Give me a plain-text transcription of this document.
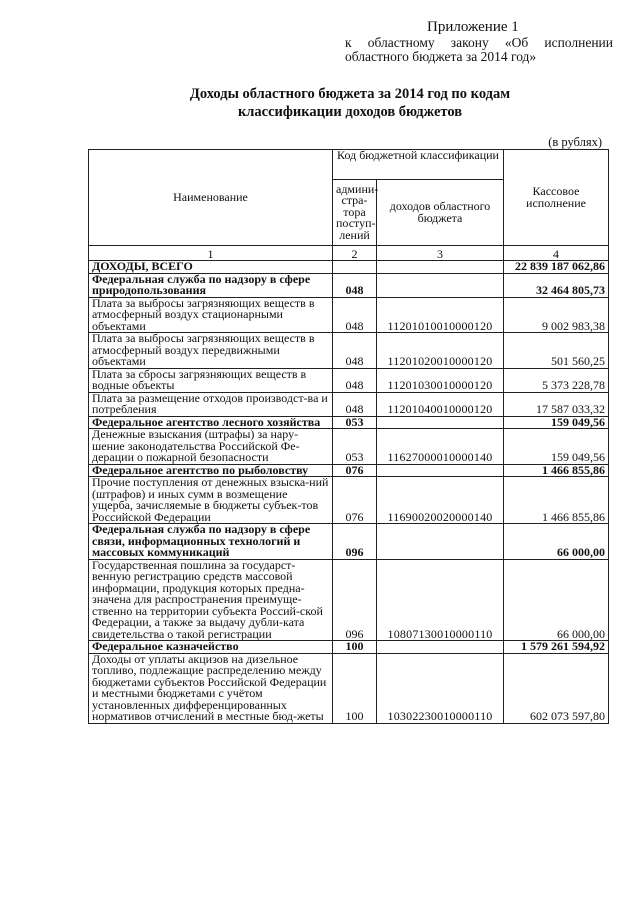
Приложение 1
к областному закону «Об исполнении
областного бюджета за 2014 год»
Доходы областного бюджета за 2014 год по кодам
классификации доходов бюджетов
(в рублях)
Наименование	Код бюджетной классификации		Кассовое исполнение
	админи-стра-тора поступ-лений	доходов областного бюджета	
1	2	3	4
ДОХОДЫ, ВСЕГО			22 839 187 062,86
Федеральная служба по надзору в сфере природопользования	048		32 464 805,73
Плата за выбросы загрязняющих веществ в атмосферный воздух стационарными объектами	048	11201010010000120	9 002 983,38
Плата за выбросы загрязняющих веществ в атмосферный воздух передвижными объектами	048	11201020010000120	501 560,25
Плата за сбросы загрязняющих веществ в водные объекты	048	11201030010000120	5 373 228,78
Плата за размещение отходов производст-ва и потребления	048	11201040010000120	17 587 033,32
Федеральное агентство лесного хозяйства	053		159 049,56
Денежные взыскания (штрафы) за нару-шение законодательства Российской Фе-дерации о пожарной безопасности	053	11627000010000140	159 049,56
Федеральное агентство по рыболовству	076		1 466 855,86
Прочие поступления от денежных взыска-ний (штрафов) и иных сумм в возмещение ущерба, зачисляемые в бюджеты субъек-тов Российской Федерации	076	11690020020000140	1 466 855,86
Федеральная служба по надзору в сфере связи, информационных технологий и массовых коммуникаций	096		66 000,00
Государственная пошлина за государст-венную регистрацию средств массовой информации, продукция которых предна-значена для распространения преимуще-ственно на территории субъекта Россий-ской Федерации, а также за выдачу дубли-ката свидетельства о такой регистрации	096	10807130010000110	66 000,00
Федеральное казначейство	100		1 579 261 594,92
Доходы от уплаты акцизов на дизельное топливо, подлежащие распределению между бюджетами субъектов Российской Федерации и местными бюджетами с учётом установленных дифференцированных нормативов отчислений в местные бюд-жеты	100	10302230010000110	602 073 597,80
